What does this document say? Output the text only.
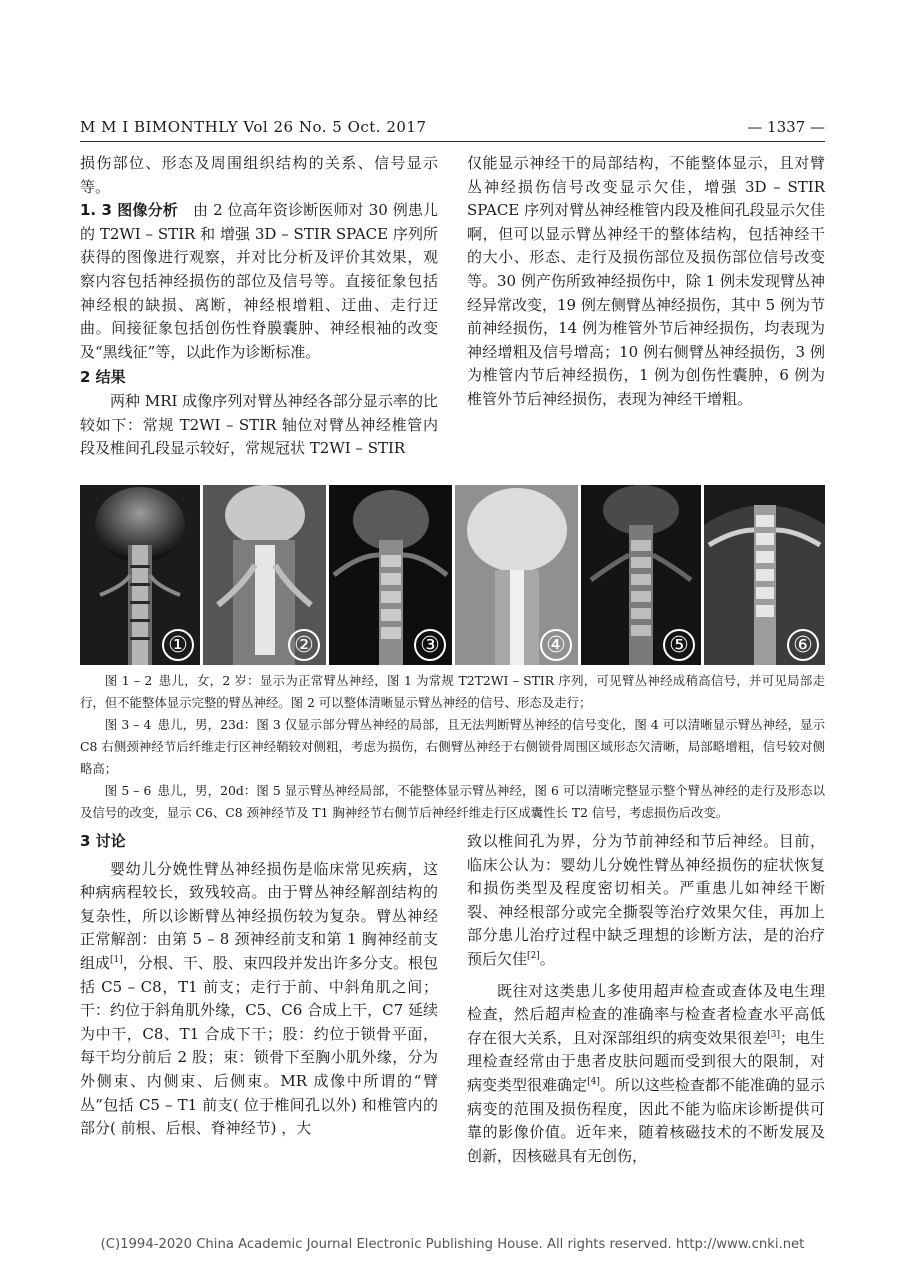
M M I BIMONTHLY Vol 26 No. 5 Oct. 2017	— 1337 —

损伤部位、形态及周围组织结构的关系、信号显示等。

1. 3 图像分析  由 2 位高年资诊断医师对 30 例患儿的 T2WI – STIR 和 增强 3D – STIR SPACE 序列所获得的图像进行观察，并对比分析及评价其效果，观察内容包括神经损伤的部位及信号等。直接征象包括神经根的缺损、离断，神经根增粗、迂曲、走行迂曲。间接征象包括创伤性脊膜囊肿、神经根袖的改变及“黑线征”等，以此作为诊断标准。

2 结果

两种 MRI 成像序列对臂丛神经各部分显示率的比较如下：常规 T2WI – STIR 轴位对臂丛神经椎管内段及椎间孔段显示较好，常规冠状 T2WI – STIR

仅能显示神经干的局部结构，不能整体显示，且对臂丛神经损伤信号改变显示欠佳，增强 3D – STIR SPACE 序列对臂丛神经椎管内段及椎间孔段显示欠佳啊，但可以显示臂丛神经干的整体结构，包括神经干的大小、形态、走行及损伤部位及损伤部位信号改变等。30 例产伤所致神经损伤中，除 1 例未发现臂丛神经异常改变，19 例左侧臂丛神经损伤，其中 5 例为节前神经损伤，14 例为椎管外节后神经损伤，均表现为神经增粗及信号增高；10 例右侧臂丛神经损伤，3 例为椎管内节后神经损伤，1 例为创伤性囊肿，6 例为椎管外节后神经损伤，表现为神经干增粗。

①	②	③	④	⑤	⑥

图 1 – 2  患儿，女，2 岁：显示为正常臂丛神经，图 1 为常规 T2T2WI – STIR 序列，可见臂丛神经成稍高信号，并可见局部走行，但不能整体显示完整的臂丛神经。图 2 可以整体清晰显示臂丛神经的信号、形态及走行；

图 3 – 4  患儿，男，23d：图 3 仅显示部分臂丛神经的局部，且无法判断臂丛神经的信号变化，图 4 可以清晰显示臂丛神经，显示 C8 右侧颈神经节后纤维走行区神经鞘较对侧粗，考虑为损伤，右侧臂丛神经于右侧锁骨周围区域形态欠清晰，局部略增粗，信号较对侧略高；

图 5 – 6  患儿，男，20d：图 5 显示臂丛神经局部，不能整体显示臂丛神经，图 6 可以清晰完整显示整个臂丛神经的走行及形态以及信号的改变，显示 C6、C8 颈神经节及 T1 胸神经节右侧节后神经纤维走行区成囊性长 T2 信号，考虑损伤后改变。

3 讨论

婴幼儿分娩性臂丛神经损伤是临床常见疾病，这种病病程较长，致残较高。由于臂丛神经解剖结构的复杂性，所以诊断臂丛神经损伤较为复杂。臂丛神经正常解剖：由第 5 – 8 颈神经前支和第 1 胸神经前支组成[1]，分根、干、股、束四段并发出许多分支。根包括 C5 – C8，T1 前支；走行于前、中斜角肌之间；干：约位于斜角肌外缘，C5、C6 合成上干，C7 延续为中干，C8、T1 合成下干；股：约位于锁骨平面，每干均分前后 2 股；束：锁骨下至胸小肌外缘，分为外侧束、内侧束、后侧束。MR 成像中所谓的“臂丛”包括 C5 – T1 前支( 位于椎间孔以外) 和椎管内的部分( 前根、后根、脊神经节) ，大

致以椎间孔为界，分为节前神经和节后神经。目前，临床公认为：婴幼儿分娩性臂丛神经损伤的症状恢复和损伤类型及程度密切相关。严重患儿如神经干断裂、神经根部分或完全撕裂等治疗效果欠佳，再加上部分患儿治疗过程中缺乏理想的诊断方法，是的治疗预后欠佳[2]。

既往对这类患儿多使用超声检查或查体及电生理检查，然后超声检查的准确率与检查者检查水平高低存在很大关系，且对深部组织的病变效果很差[3]；电生理检查经常由于患者皮肤问题而受到很大的限制，对病变类型很难确定[4]。所以这些检查都不能准确的显示病变的范围及损伤程度，因此不能为临床诊断提供可靠的影像价值。近年来，随着核磁技术的不断发展及创新，因核磁具有无创伤，

(C)1994-2020 China Academic Journal Electronic Publishing House. All rights reserved. http://www.cnki.net
